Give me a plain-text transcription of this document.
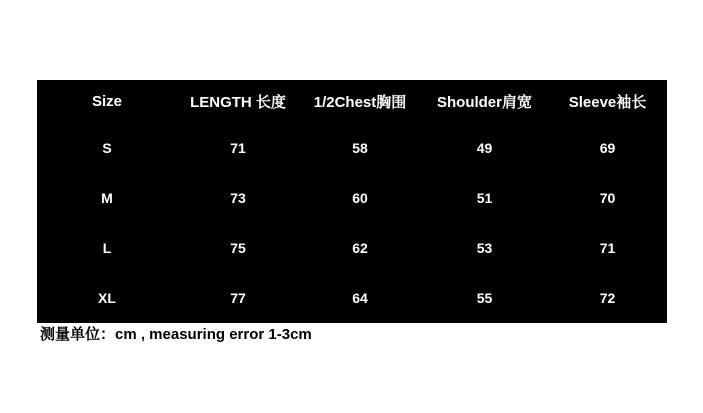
Size	LENGTH 长度	1/2Chest胸围	Shoulder肩宽	Sleeve袖长
S	71	58	49	69
M	73	60	51	70
L	75	62	53	71
XL	77	64	55	72
测量单位：cm , measuring error 1-3cm
